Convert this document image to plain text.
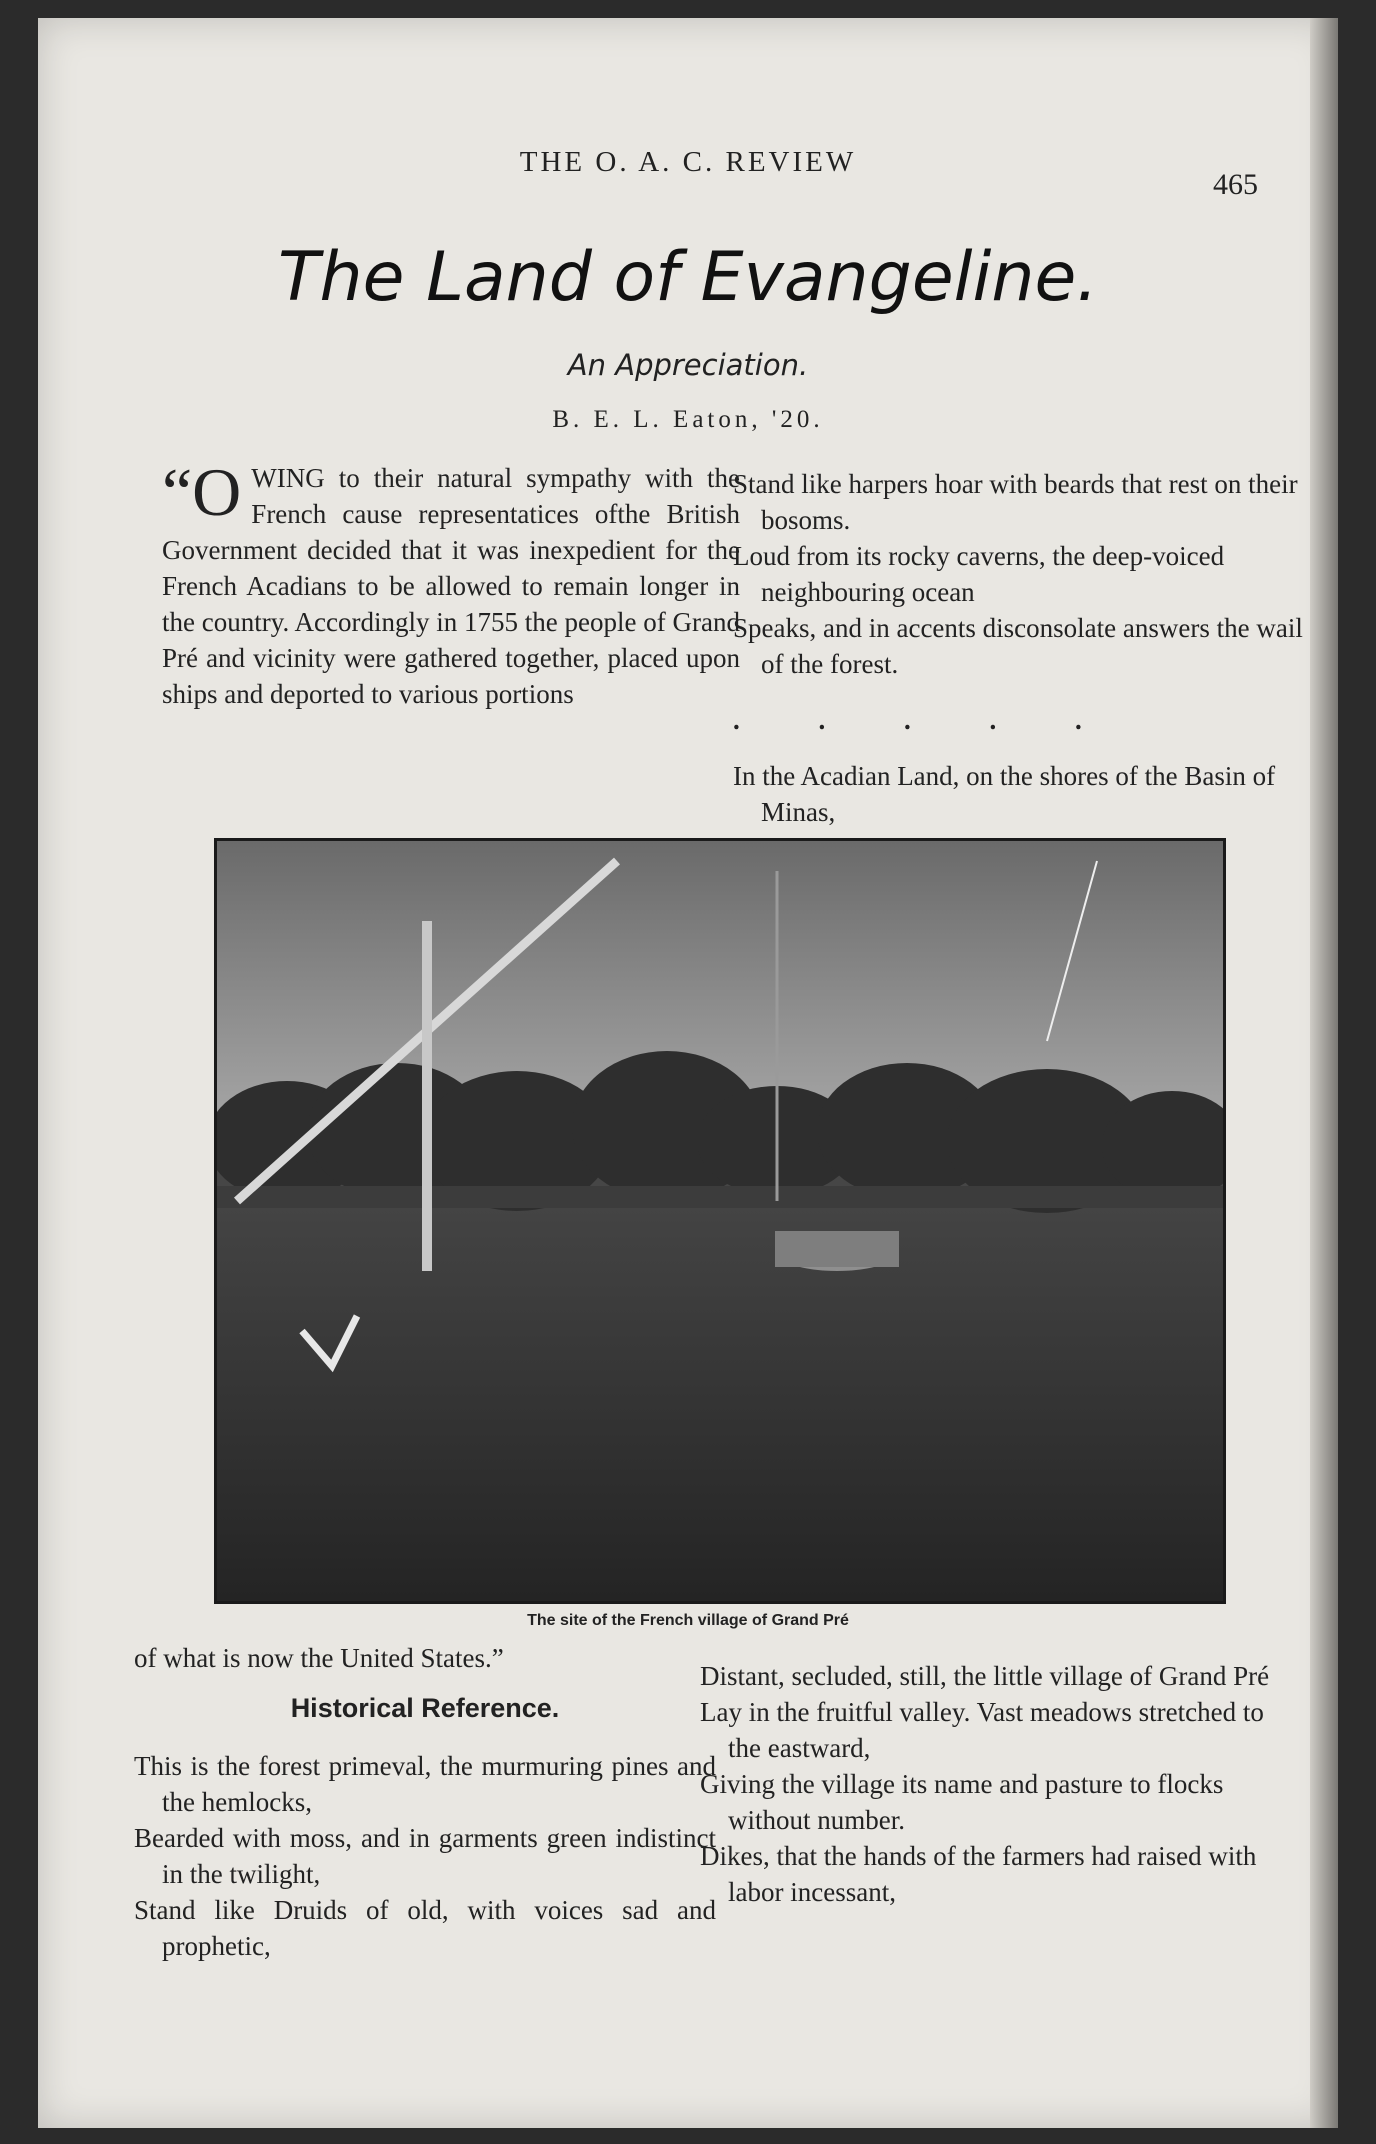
THE O. A. C. REVIEW
465
The Land of Evangeline.
An Appreciation.
B. E. L. Eaton, '20.

“OWING to their natural sympathy with the French cause representatices ofthe British Government decided that it was inexpedient for the French Acadians to be allowed to remain longer in the country. Accordingly in 1755 the people of Grand Pré and vicinity were gathered together, placed upon ships and deported to various portions

Stand like harpers hoar with beards that rest on their bosoms.

Loud from its rocky caverns, the deep-voiced neighbouring ocean

Speaks, and in accents disconsolate answers the wail of the forest.

. . . . .

In the Acadian Land, on the shores of the Basin of Minas,

The site of the French village of Grand Pré

of what is now the United States.”

Historical Reference.

This is the forest primeval, the murmuring pines and the hemlocks,

Bearded with moss, and in garments green indistinct in the twilight,

Stand like Druids of old, with voices sad and prophetic,

Distant, secluded, still, the little village of Grand Pré

Lay in the fruitful valley. Vast meadows stretched to the eastward,

Giving the village its name and pasture to flocks without number.

Dikes, that the hands of the farmers had raised with labor incessant,
